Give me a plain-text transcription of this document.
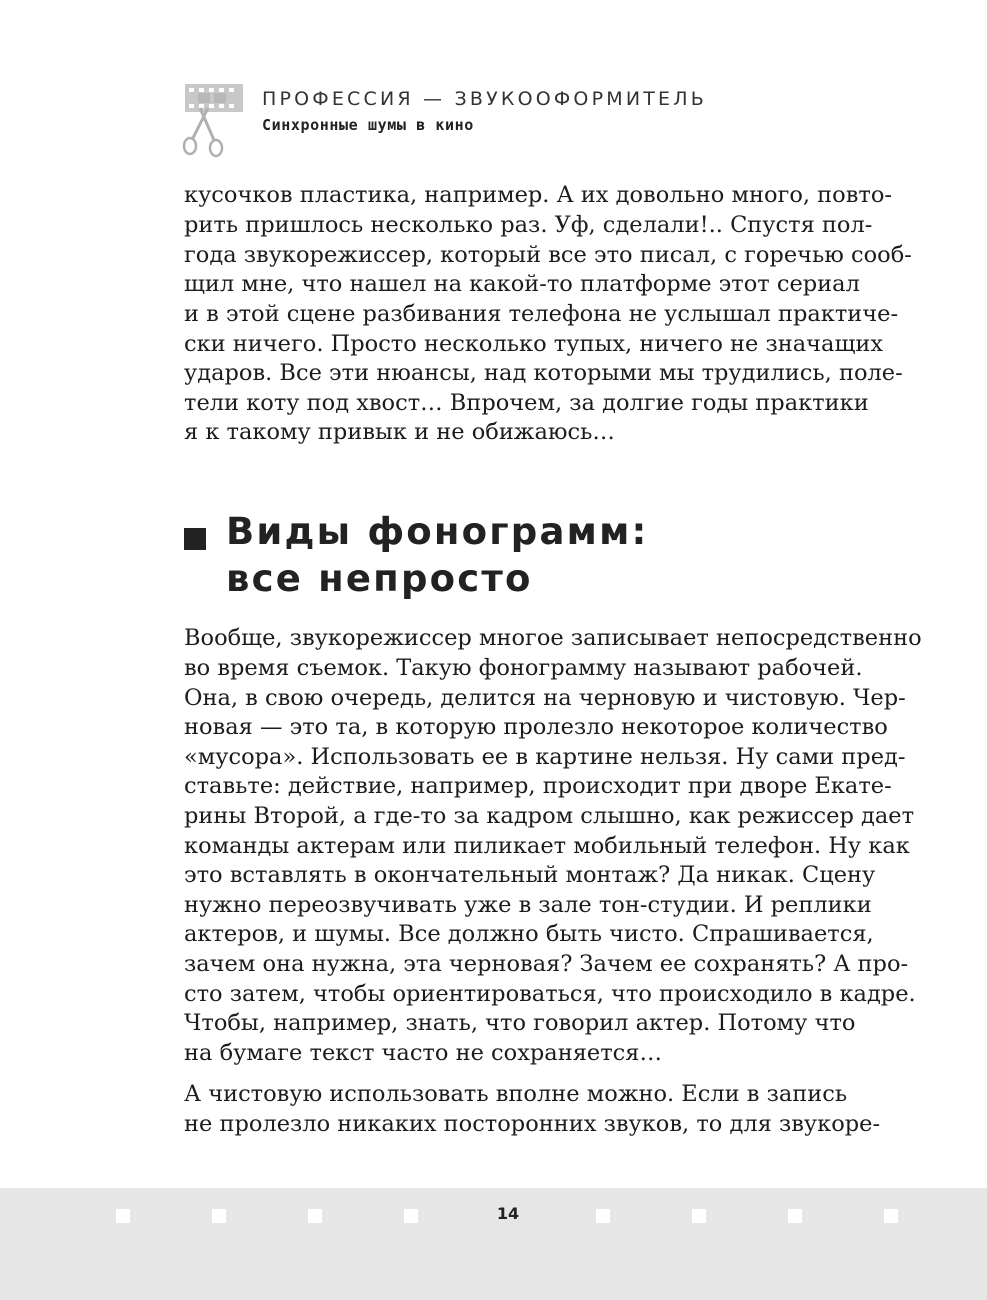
ПРОФЕССИЯ — ЗВУКООФОРМИТЕЛЬ
Синхронные шумы в кино
кусочков пластика, например. А их довольно много, повто-
рить пришлось несколько раз. Уф, сделали!.. Спустя пол-
года звукорежиссер, который все это писал, с горечью сооб-
щил мне, что нашел на какой-то платформе этот сериал
и в этой сцене разбивания телефона не услышал практиче-
ски ничего. Просто несколько тупых, ничего не значащих
ударов. Все эти нюансы, над которыми мы трудились, поле-
тели коту под хвост… Впрочем, за долгие годы практики
я к такому привык и не обижаюсь…
Виды фонограмм:
все непросто
Вообще, звукорежиссер многое записывает непосредственно
во время съемок. Такую фонограмму называют рабочей.
Она, в свою очередь, делится на черновую и чистовую. Чер-
новая — это та, в которую пролезло некоторое количество
«мусора». Использовать ее в картине нельзя. Ну сами пред-
ставьте: действие, например, происходит при дворе Екате-
рины Второй, а где-то за кадром слышно, как режиссер дает
команды актерам или пиликает мобильный телефон. Ну как
это вставлять в окончательный монтаж? Да никак. Сцену
нужно переозвучивать уже в зале тон-студии. И реплики
актеров, и шумы. Все должно быть чисто. Спрашивается,
зачем она нужна, эта черновая? Зачем ее сохранять? А про-
сто затем, чтобы ориентироваться, что происходило в кадре.
Чтобы, например, знать, что говорил актер. Потому что
на бумаге текст часто не сохраняется…
А чистовую использовать вполне можно. Если в запись
не пролезло никаких посторонних звуков, то для звукоре-
14
